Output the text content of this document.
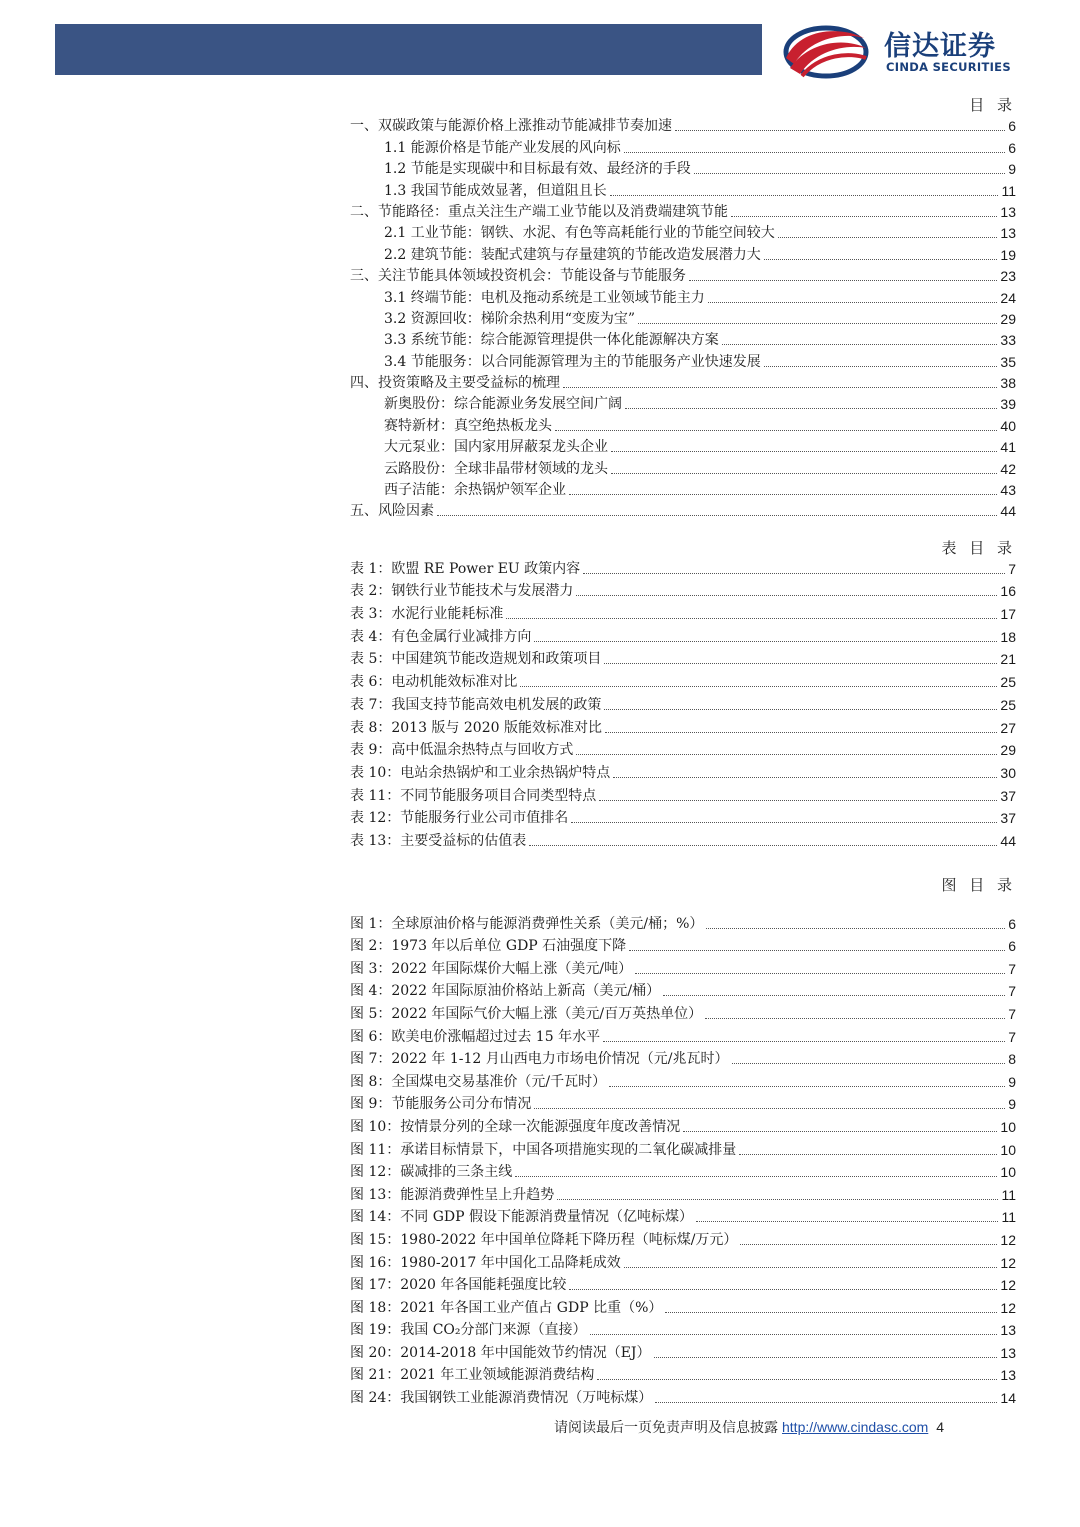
信达证券
CINDA SECURITIES
目 录
一、双碳政策与能源价格上涨推动节能减排节奏加速	6
1.1 能源价格是节能产业发展的风向标	6
1.2 节能是实现碳中和目标最有效、最经济的手段	9
1.3 我国节能成效显著，但道阻且长	11
二、节能路径：重点关注生产端工业节能以及消费端建筑节能	13
2.1 工业节能：钢铁、水泥、有色等高耗能行业的节能空间较大	13
2.2 建筑节能：装配式建筑与存量建筑的节能改造发展潜力大	19
三、关注节能具体领域投资机会：节能设备与节能服务	23
3.1 终端节能：电机及拖动系统是工业领域节能主力	24
3.2 资源回收：梯阶余热利用“变废为宝”	29
3.3 系统节能：综合能源管理提供一体化能源解决方案	33
3.4 节能服务：以合同能源管理为主的节能服务产业快速发展	35
四、投资策略及主要受益标的梳理	38
新奥股份：综合能源业务发展空间广阔	39
赛特新材：真空绝热板龙头	40
大元泵业：国内家用屏蔽泵龙头企业	41
云路股份：全球非晶带材领域的龙头	42
西子洁能：余热锅炉领军企业	43
五、风险因素	44
表 目 录
表 1：欧盟 RE Power EU 政策内容	7
表 2：钢铁行业节能技术与发展潜力	16
表 3：水泥行业能耗标准	17
表 4：有色金属行业减排方向	18
表 5：中国建筑节能改造规划和政策项目	21
表 6：电动机能效标准对比	25
表 7：我国支持节能高效电机发展的政策	25
表 8：2013 版与 2020 版能效标准对比	27
表 9：高中低温余热特点与回收方式	29
表 10：电站余热锅炉和工业余热锅炉特点	30
表 11：不同节能服务项目合同类型特点	37
表 12：节能服务行业公司市值排名	37
表 13：主要受益标的估值表	44
图 目 录
图 1：全球原油价格与能源消费弹性关系（美元/桶；%）	6
图 2：1973 年以后单位 GDP 石油强度下降	6
图 3：2022 年国际煤价大幅上涨（美元/吨）	7
图 4：2022 年国际原油价格站上新高（美元/桶）	7
图 5：2022 年国际气价大幅上涨（美元/百万英热单位）	7
图 6：欧美电价涨幅超过过去 15 年水平	7
图 7：2022 年 1-12 月山西电力市场电价情况（元/兆瓦时）	8
图 8：全国煤电交易基准价（元/千瓦时）	9
图 9：节能服务公司分布情况	9
图 10：按情景分列的全球一次能源强度年度改善情况	10
图 11：承诺目标情景下，中国各项措施实现的二氧化碳减排量	10
图 12：碳减排的三条主线	10
图 13：能源消费弹性呈上升趋势	11
图 14：不同 GDP 假设下能源消费量情况（亿吨标煤）	11
图 15：1980-2022 年中国单位降耗下降历程（吨标煤/万元）	12
图 16：1980-2017 年中国化工品降耗成效	12
图 17：2020 年各国能耗强度比较	12
图 18：2021 年各国工业产值占 GDP 比重（%）	12
图 19：我国 CO₂分部门来源（直接）	13
图 20：2014-2018 年中国能效节约情况（EJ）	13
图 21：2021 年工业领域能源消费结构	13
图 24：我国钢铁工业能源消费情况（万吨标煤）	14
请阅读最后一页免责声明及信息披露 http://www.cindasc.com 4
